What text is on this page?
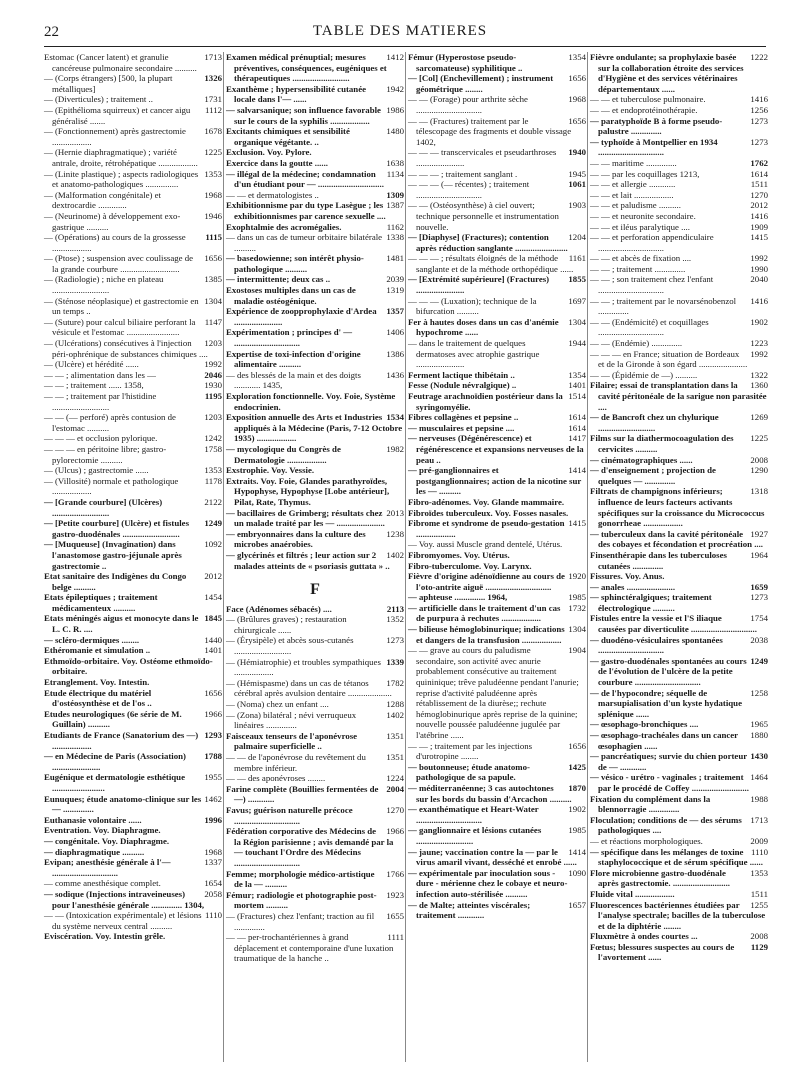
22	TABLE DES MATIERES

1713
Estomac (Cancer latent) et granulie cancéreuse pulmonaire secondaire ..........

1326
— (Corps étrangers) [500, la plupart métalliques]

1731
— (Diverticules) ; traitement ..

1112
— (Epithélioma squirreux) et cancer aigu généralisé .......

1678
— (Fonctionnement) après gastrectomie ..................

1225
— (Hernie diaphragmatique) ; variété antrale, droite, rétrohépatique ..................

1353
— (Linite plastique) ; aspects radiologiques et anatomo-pathologiques ...............

1968
— (Malformation congénitale) et dextrocardie .............

1946
— (Neurinome) à développement exo-gastrique ..........

1115
— (Opérations) au cours de la grossesse ..................

1656
— (Ptose) ; suspension avec coulissage de la grande courbure ...........................

1385
— (Radiologie) ; niche en plateau ..........................

1304
— (Sténose néoplasique) et gastrectomie en un temps ..

1147
— (Suture) pour calcul biliaire perforant la vésicule et l'estomac ........................

1203
— (Ulcérations) consécutives à l'injection péri-ophrénique de substances chimiques ....

1992
— (Ulcère) et hérédité ......

2046
— — ; alimentation dans les —

1930
— — ; traitement ...... 1358,

1195
— — ; traitement par l'histidine ..........................

1203
— — (— perforé) après contusion de l'estomac ..........

1242
— — — et occlusion pylorique.

1758
— — — en péritoine libre; gastro-pylorectomie ..........

1353
— (Ulcus) ; gastrectomie ......

1178
— (Villosité) normale et pathologique ..................

2122
— [Grande courbure] (Ulcères) ..........................

1249
— [Petite courbure] (Ulcère) et fistules gastro-duodénales ..........................

1092
— [Muqueuse] (Invagination) dans l'anastomose gastro-jéjunale après gastrectomie ..

2012
Etat sanitaire des Indigènes du Congo belge ..........

1454
Etats épileptiques ; traitement médicamenteux ..........

1845
Etats méningés aigus et monocyte dans le L. C. R. ....

1440
— scléro-dermiques ........

1401
Ethéromanie et simulation ..

Ethmoïdo-orbitaire. Voy. Ostéome ethmoïdo-orbitaire.

Etranglement. Voy. Intestin.

1656
Etude électrique du matériel d'ostéosynthèse et de l'os ..

1966
Etudes neurologiques (6e série de M. Guillain) ..........

1293
Etudiants de France (Sanatorium des —) ..................

1788
— en Médecine de Paris (Association) ......................

1955
Eugénique et dermatologie esthétique ........................

1462
Eunuques; étude anatomo-clinique sur les — ..............

1996
Euthanasie volontaire ......

Eventration. Voy. Diaphragme.

— congénitale. Voy. Diaphragme.

1968
— diaphragmatique ..........

1337
Evipan; anesthésie générale à l'— ..............................

1654
— comme anesthésique complet.

2058
— sodique (Injections intraveineuses) pour l'anesthésie générale .............. 1304,

1110
— — (Intoxication expérimentale) et lésions du système nerveux central ..........

Eviscération. Voy. Intestin grêle.

1412
Examen médical prénuptial; mesures préventives, conséquences, eugéniques et thérapeutiques ..........................

1942
Exanthème ; hypersensibilité cutanée locale dans l'— ......

1986
— salvarsanique; son influence favorable sur le cours de la syphilis ..................

1480
Excitants chimiques et sensibilité organique végétante. ..

Exclusion. Voy. Pylore.

1638
Exercice dans la goutte ......

1134
— illégal de la médecine; condamnation d'un étudiant pour — ..............................

1309
— — et dermatologistes ..

1387
Exhibitionnisme par du type Lasègue ; les exhibitionnismes par carence sexuelle ....

1162
Exophtalmie des acromégalies.

1338
— dans un cas de tumeur orbitaire bilatérale ..........

1481
— basedowienne; son intérêt physio-pathologique ..........

2039
— intermittente; deux cas ..

1319
Exostoses multiples dans un cas de maladie ostéogénique.

1357
Expérience de zoopprophylaxie d'Ardea ......................

1406
Expérimentation ; principes d' — ..............................

1386
Expertise de toxi-infection d'origine alimentaire ..........

1436
— des blessés de la main et des doigts ............ 1435,

Exploration fonctionnelle. Voy. Foie, Système endocrinien.

1534
Exposition annuelle des Arts et Industries appliqués à la Médecine (Paris, 7-12 Octobre 1935) ..................

1982
— mycologique du Congrès de Dermatologie ..................

Exstrophie. Voy. Vessie.

Extraits. Voy. Foie, Glandes parathyroïdes, Hypophyse, Hypophyse [Lobe antérieur], Pilat, Rate, Thymus.

2013
— bacillaires de Grimberg; résultats chez un malade traité par les — ......................

1238
— embryonnaires dans la culture des microbes anaérobies.

1402
— glycérinés et filtrés ; leur action sur 2 malades atteints de « psoriasis guttata » ..

F

2113
Face (Adénomes sébacés) ....

1352
— (Brûlures graves) ; restauration chirurgicale ......

1273
— (Érysipèle) et abcès sous-cutanés ..........................

1339
— (Hémiatrophie) et troubles sympathiques ..................

1782
— (Hémispasme) dans un cas de tétanos cérébral après avulsion dentaire ....................

1288
— (Noma) chez un enfant ....

1402
— (Zona) bilatéral ; névi verruqueux linéaires ..............

1351
Faisceaux tenseurs de l'aponévrose palmaire superficielle ..

1351
— — de l'aponévrose du revêtement du membre inférieur.

1224
— — des aponévroses ........

2004
Farine complète (Bouillies fermentées de —) ............

1270
Favus; guérison naturelle précoce ..............................

1966
Fédération corporative des Médecins de la Région parisienne ; avis demandé par la — touchant l'Ordre des Médecins ..............................

1766
Femme; morphologie médico-artistique de la — ..........

1923
Fémur; radiologie et photographie post-mortem ..........

1655
— (Fractures) chez l'enfant; traction au fil ..............

1111
— — per-trochantériennes à grand déplacement et contemporaine d'une luxation traumatique de la hanche ..

1354
Fémur (Hyperostose pseudo-sarcomateuse) syphilitique ..

1656
— [Col] (Enchevillement) ; instrument géométrique ........

1968
— — (Forage) pour arthrite sèche ..............................

1656
— — (Fractures) traitement par le télescopage des fragments et double vissage 1402,

1940
— — — transcervicales et pseudarthroses ......................

1945
— — — ; traitement sanglant .

1061
— — — (— récentes) ; traitement ..............................

1903
— — (Ostéosynthèse) à ciel ouvert; technique personnelle et instrumentation nouvelle.

1204
— [Diaphyse] (Fractures); contention après réduction sanglante ........................

1161
— — — ; résultats éloignés de la méthode sanglante et de la méthode orthopédique ......

1855
— [Extrémité supérieure] (Fractures) ......................

1697
— — — (Luxation); technique de la bifurcation ..........

1304
Fer à hautes doses dans un cas d'anémie hypochrome ......

1944
— dans le traitement de quelques dermatoses avec atrophie gastrique ......................

1354
Ferment lactique thibétain ..

1401
Fesse (Nodule névralgique) ..

1514
Feutrage arachnoïdien postérieur dans la syringomyélie.

1614
Fibres collagènes et pepsine ..

1614
— musculaires et pepsine ....

1417
— nerveuses (Dégénérescence) et régénérescence et expansions nerveuses de la peau ..

1414
— pré-ganglionnaires et postganglionnaires; action de la nicotine sur les — ..........

Fibro-adénomes. Voy. Glande mammaire.

Fibroïdes tuberculeux. Voy. Fosses nasales.

1415
Fibrome et syndrome de pseudo-gestation ..................

— Voy. aussi Muscle grand dentelé, Utérus.

Fibromyomes. Voy. Utérus.

Fibro-tuberculome. Voy. Larynx.

1920
Fièvre d'origine adénoïdienne au cours de l'oto-antrite aiguë ..............................

1985
— aphteuse .............. 1964,

1732
— artificielle dans le traitement d'un cas de purpura à rechutes ..................

1304
— bilieuse hémoglobinurique; indications et dangers de la transfusion ..................

1904
— — grave au cours du paludisme secondaire, son activité avec anurie probablement consécutive au traitement quininique; trêve paludéenne pendant l'anurie; reprise d'activité paludéenne après rétablissement de la diurèse;; rechute hémoglobinurique après reprise de la quinine; nouvelle poussée paludéenne jugulée par l'atébrine ......

1656
— — ; traitement par les injections d'urotropine ........

1425
— boutonneuse; étude anatomo-pathologique de sa papule.

1870
— méditerranéenne; 3 cas autochtones sur les bords du bassin d'Arcachon ..........

1902
— exanthématique et Heart-Water ..............................

1985
— ganglionnaire et lésions cutanées ..........................

1414
— jaune; vaccination contre la — par le virus amaril vivant, desséché et enrobé ......

1090
— expérimentale par inoculation sous - dure - mérienne chez le cobaye et neuro-infection auto-stérilisée ..........

1657
— de Malte; atteintes viscérales; traitement ............

1222
Fièvre ondulante; sa prophylaxie basée sur la collaboration étroite des services d'Hygiène et des services vétérinaires départementaux ......

1416
— — et tuberculose pulmonaire.

1256
— — et endoprotéinothérapie.

1273
— paratyphoïde B à forme pseudo-palustre ..............

1273
— typhoïde à Montpellier en 1934 ..............................

1762
— — maritime ..............

1614
— — par les coquillages 1213,

1511
— — et allergie ............

1270
— — et lait ..................

2012
— — et paludisme ..........

1416
— — et neuronite secondaire.

1909
— — et iléus paralytique ....

1415
— — et perforation appendiculaire ..............................

1992
— — et abcès de fixation ....

1990
— — ; traitement ..............

2040
— — ; son traitement chez l'enfant ..............................

1416
— — ; traitement par le novarsénobenzol ..............

1902
— — (Endémicité) et coquillages ..............................

1223
— — (Endémie) ..............

1992
— — — en France; situation de Bordeaux et de la Gironde à son égard ......................

1322
— — (Épidémie de —) ..........

1360
Filaire; essai de transplantation dans la cavité péritonéale de la sarigue non parasitée ....

1269
— de Bancroft chez un chylurique ..........................

1225
Films sur la diathermocoagulation des cervicites ..........

2008
— cinématographiques ......

1290
— d'enseignement ; projection de quelques — ..............

1318
Filtrats de champignons inférieurs; influence de leurs facteurs activants spécifiques sur la croissance du Micrococcus gonorrheae ..................

1927
— tuberculeux dans la cavité péritonéale des cobayes et fécondation et procréation ....

1964
Finsenthérapie dans les tuberculoses cutanées ..............

Fissures. Voy. Anus.

1659
— anales ......................

1273
— sphinctéralgiques; traitement électrologique ..........

1754
Fistules entre la vessie et l'S iliaque causées par diverticulite ..............................

2038
— duodéno-vésiculaires spontanées ..............................

1249
— gastro-duodénales spontanées au cours de l'évolution de l'ulcère de la petite courbure ..............................

1258
— de l'hypocondre; séquelle de marsupialisation d'un kyste hydatique splénique ......

1965
— œsophago-bronchiques ....

1880
— œsophago-trachéales dans un cancer œsophagien ......

1430
— pancréatiques; survie du chien porteur de — ............

1464
— vésico - urétro - vaginales ; traitement par le procédé de Coffey ..........................

1988
Fixation du complément dans la blennorragie ..............

1713
Floculation; conditions de — des sérums pathologiques ....

2009
— et réactions morphologiques.

1110
— spécifique dans les mélanges de toxine staphylococcique et de sérum spécifique ......

1353
Flore microbienne gastro-duodénale après gastrectomie. ..........................

1511
Fluide vital ..................

1255
Fluorescences bactériennes étudiées par l'analyse spectrale; bacilles de la tuberculose et de la diphtérie ........

2008
Fluxmètre à ondes courtes ...

1129
Fœtus; blessures suspectes au cours de l'avortement ......
